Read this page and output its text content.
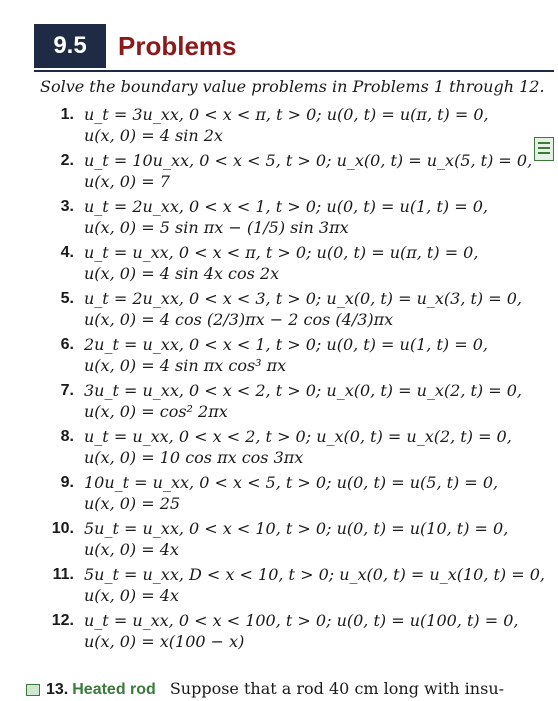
9.5	Problems
Solve the boundary value problems in Problems 1 through 12.
1. u_t = 3u_xx, 0 < x < π, t > 0; u(0, t) = u(π, t) = 0,
u(x, 0) = 4 sin 2x
2. u_t = 10u_xx, 0 < x < 5, t > 0; u_x(0, t) = u_x(5, t) = 0,
u(x, 0) = 7
3. u_t = 2u_xx, 0 < x < 1, t > 0; u(0, t) = u(1, t) = 0,
u(x, 0) = 5 sin πx − (1/5) sin 3πx
4. u_t = u_xx, 0 < x < π, t > 0; u(0, t) = u(π, t) = 0,
u(x, 0) = 4 sin 4x cos 2x
5. u_t = 2u_xx, 0 < x < 3, t > 0; u_x(0, t) = u_x(3, t) = 0,
u(x, 0) = 4 cos (2/3)πx − 2 cos (4/3)πx
6. 2u_t = u_xx, 0 < x < 1, t > 0; u(0, t) = u(1, t) = 0,
u(x, 0) = 4 sin πx cos³ πx
7. 3u_t = u_xx, 0 < x < 2, t > 0; u_x(0, t) = u_x(2, t) = 0,
u(x, 0) = cos² 2πx
8. u_t = u_xx, 0 < x < 2, t > 0; u_x(0, t) = u_x(2, t) = 0,
u(x, 0) = 10 cos πx cos 3πx
9. 10u_t = u_xx, 0 < x < 5, t > 0; u(0, t) = u(5, t) = 0,
u(x, 0) = 25
10. 5u_t = u_xx, 0 < x < 10, t > 0; u(0, t) = u(10, t) = 0,
u(x, 0) = 4x
11. 5u_t = u_xx, D < x < 10, t > 0; u_x(0, t) = u_x(10, t) = 0,
u(x, 0) = 4x
12. u_t = u_xx, 0 < x < 100, t > 0; u(0, t) = u(100, t) = 0,
u(x, 0) = x(100 − x)
13. Heated rod Suppose that a rod 40 cm long with insu-
